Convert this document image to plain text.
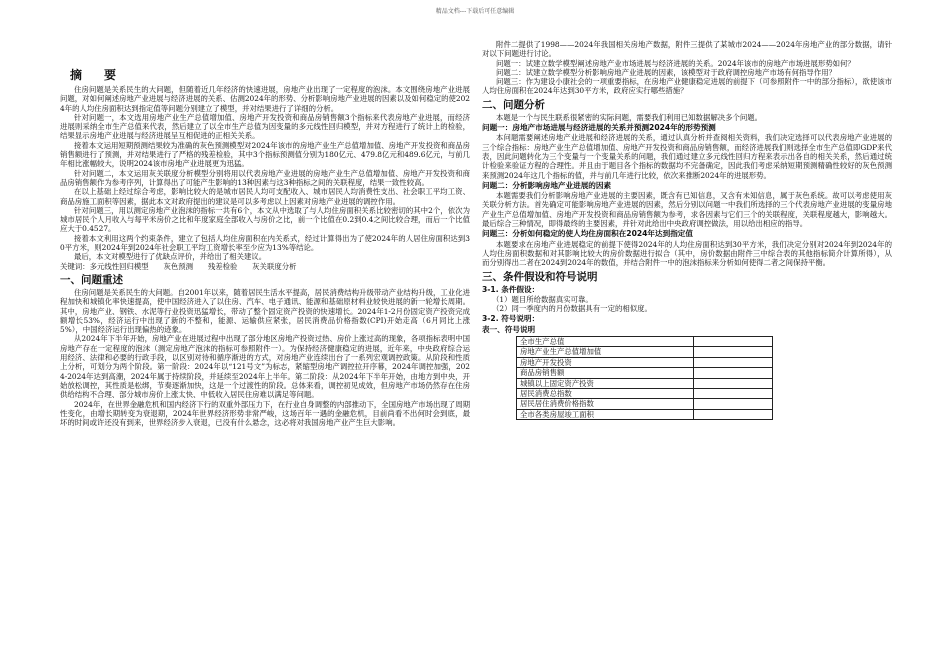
精品文档---下载后可任意编辑
摘要

住房问题是关系民生的大问题，但随着近几年经济的快速进展，房地产业出现了一定程度的泡沫。本文围绕房地产业进展问题，对如何阐述房地产业进展与经济进展的关系、估测2024年的形势、分析影响房地产业进展的因素以及如何稳定的使2024年的人均住房面积达到指定值等问题分别建立了模型，并对结果进行了详细的分析。

针对问题一，本文选用房地产业生产总值增加值、房地产开发投资和商品房销售额3个指标来代表房地产业进展，而经济进展则采纳全市生产总值来代表，然后建立了以全市生产总值为因变量的多元线性回归模型，并对方程进行了统计上的检验，结果显示房地产业进展与经济进展呈互相促进的正相关关系。

接着本文运用短期预测结果较为准确的灰色预测模型对2024年该市的房地产业生产总值增加值、房地产开发投资和商品房销售额进行了预测，并对结果进行了严格的残差检验，其中3个指标预测值分别为180亿元、479.8亿元和489.6亿元，与前几年相比涨幅较大，说明2024该市房地产业进展更为迅猛。

针对问题二，本文运用灰关联度分析模型分别将用以代表房地产业进展的房地产业生产总值增加值、房地产开发投资和商品房销售额作为参考序列，计算得出了可能产生影响的13种因素与这3种指标之间的关联程度，结果一致性较高。

在以上基础上经过综合考虑，影响比较大的是城市居民人均可支配收入、城市居民人均消费性支出、社会职工平均工资、商品房施工面积等因素，据此本文对政府提出的建议是可以多考虑以上因素对房地产业进展的调控作用。

针对问题三，用以测定房地产业泡沫的指标一共有6个，本文从中选取了与人均住房面积关系比较密切的其中2个，依次为城市居民个人月收入与每平米房价之比和年度家庭全部收入与房价之比，前一个比值在0.2到0.4之间比较合理，而后一个比值应大于0.4527。

接着本文利用这两个约束条件，建立了包括人均住房面积在内关系式，经过计算得出为了使2024年的人居住房面积达到30平方米，则2024年到2024年社会职工平均工资增长率至少应为13%等结论。

最后，本文对模型进行了优缺点评价，并给出了相关建议。

关键词：多元线性回归模型　　灰色预测　　残差检验　　灰关联度分析
一、问题重述

住房问题是关系民生的大问题。自2001年以来，随着居民生活水平提高，居民消费结构升级带动产业结构升级，工业化进程加快和城镇化率快速提高，使中国经济进入了以住房、汽车、电子通讯、能源和基础原材料业较快进展的新一轮增长周期。其中，房地产业、钢铁、水泥等行业投资迅猛增长，带动了整个固定资产投资的快速增长。2024年1-2月份固定资产投资完成额增长53%，经济运行中出现了新的不整和，能源、运输供应紧张，居民消费品价格指数(CPI)开始走高（6月同比上涨5%），中国经济运行出现偏热的迹象。

从2024年下半年开始，房地产业在进展过程中出现了部分地区房地产投资过热、房价上涨过高的现象，各项指标表明中国房地产存在一定程度的泡沫（测定房地产泡沫的指标可参照附件一）。为保持经济健康稳定的进展，近年来，中央政府综合运用经济、法律和必要的行政手段，以区别对待和循序渐进的方式，对房地产业连续出台了一系列宏观调控政策。从阶段和性质上分析，可划分为两个阶段。第一阶段：2024年以“121号文”为标志，紧缩型房地产调控拉开序幕，2024年调控加强，2024-2024年达到高潮，2024年属于持续阶段，并延续至2024年上半年。第二阶段：从2024年下半年开始，由地方到中央，开始放松调控，其性质是松绑，节奏逐渐加快，这是一个过渡性的阶段。总体来看，调控初见成效，但房地产市场仍然存在住房供给结构不合理、部分城市房价上涨太快、中低收入居民住房难以满足等问题。

2024年，在世界金融危机和国内经济下行的双重外部压力下，在行业自身调整的内部推动下，全国房地产市场出现了周期性变化，由增长期转变为衰退期，2024年世界经济形势非常严峻，这场百年一遇的金融危机，目前尚看不出何时会到底，最坏的时间或许还没有到来，世界经济步入衰退，已没有什么悬念，这必将对我国房地产业产生巨大影响。

附件二提供了1998——2024年我国相关房地产数据，附件三提供了某城市2024——2024年房地产业的部分数据，请针对以下问题进行讨论。

问题一：试建立数学模型阐述房地产业市场进展与经济进展的关系。2024年该市的房地产市场进展形势如何？

问题二：试建立数学模型分析影响房地产业进展的因素，该模型对于政府调控房地产市场有何指导作用？

问题三：作为建设小康社会的一项重要指标，在房地产业健康稳定进展的前提下（可参照附件一中的部分指标），欲使该市人均住房面积在2024年达到30平方米，政府应实行哪些措施？

二、问题分析

本题是一个与民生联系很紧密的实际问题，需要我们利用已知数据解决多个问题。

问题一：房地产市场进展与经济进展的关系并预测2024年的形势预测

本问题需要阐述房地产业进展和经济进展的关系，通过认真分析并查阅相关资料，我们决定选择可以代表房地产业进展的三个综合指标：房地产业生产总值增加值、房地产开发投资和商品房销售额，而经济进展我们则选择全市生产总值即GDP来代表，因此问题转化为三个变量与一个变量关系的问题，我们通过建立多元线性回归方程来表示出各自的相关关系，然后通过统计检验来验证方程的合理性。并且由于题目各个指标的数据均不完备确定，因此我们考虑采纳短期预测精确性较好的灰色预测来预测2024年这几个指标的值，并与前几年进行比较，依次来推断2024年的进展形势。

问题二：分析影响房地产业进展的因素

本题需要我们分析影响房地产业进展的主要因素，既含有已知信息，又含有未知信息，属于灰色系统。故可以考虑使用灰关联分析方法。首先确定可能影响房地产业进展的因素，然后分别以问题一中我们所选择的三个代表房地产业进展的变量房地产业生产总值增加值、房地产开发投资和商品房销售额为参考，求各因素与它们三个的关联程度，关联程度越大，影响越大。最后综合三种情况，即得最终的主要因素，并针对此给出中央政府调控做法，用以给出相应的指导。

问题三：分析如何稳定的使人均住房面积在2024年达到指定值

本题要求在房地产业进展稳定的前提下使得2024年的人均住房面积达到30平方米，我们决定分别对2024年到2024年的人均住房面积数据和对其影响比较大的房价数据进行拟合（其中，房价数据由附件三中综合表的其他指标简介计算所得），从而分别得出二者在2024到2024年的数值，并结合附件一中的泡沫指标来分析如何使得二者之间保持平衡。

三、条件假设和符号说明
3-1. 条件假设：
（1）题目所给数据真实可靠。
（2）同一季度内的月份数据具有一定的相似度。
3-2. 符号说明：
表一、符号说明
全市生产总值	
房地产业生产总值增加值	
房地产开发投资	
商品房销售额	
城镇以上固定资产投资	
居民消费总指数	
居民居住消费价格指数	
全市各类房屋竣工面积	
